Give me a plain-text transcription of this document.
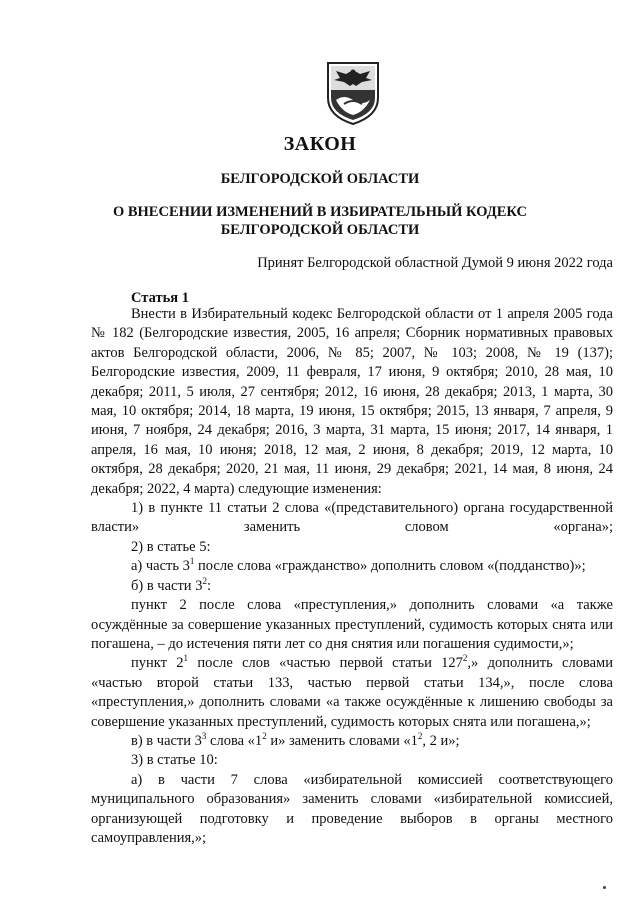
ЗАКОН
БЕЛГОРОДСКОЙ ОБЛАСТИ
О ВНЕСЕНИИ ИЗМЕНЕНИЙ В ИЗБИРАТЕЛЬНЫЙ КОДЕКС
БЕЛГОРОДСКОЙ ОБЛАСТИ
Принят Белгородской областной Думой 9 июня 2022 года
Статья 1

Внести в Избирательный кодекс Белгородской области от 1 апреля 2005 года № 182 (Белгородские известия, 2005, 16 апреля; Сборник нормативных правовых актов Белгородской области, 2006, № 85; 2007, № 103; 2008, № 19 (137); Белгородские известия, 2009, 11 февраля, 17 июня, 9 октября; 2010, 28 мая, 10 декабря; 2011, 5 июля, 27 сентября; 2012, 16 июня, 28 декабря; 2013, 1 марта, 30 мая, 10 октября; 2014, 18 марта, 19 июня, 15 октября; 2015, 13 января, 7 апреля, 9 июня, 7 ноября, 24 декабря; 2016, 3 марта, 31 марта, 15 июня; 2017, 14 января, 1 апреля, 16 мая, 10 июня; 2018, 12 мая, 2 июня, 8 декабря; 2019, 12 марта, 10 октября, 28 декабря; 2020, 21 мая, 11 июня, 29 декабря; 2021, 14 мая, 8 июня, 24 декабря; 2022, 4 марта) следующие изменения:

1) в пункте 11 статьи 2 слова «(представительного) органа государственной власти» заменить словом «органа»;

2) в статье 5:

а) часть $3^1$ после слова «гражданство» дополнить словом «(подданство)»;

б) в части $3^2$:

пункт 2 после слова «преступления,» дополнить словами «а также осуждённые за совершение указанных преступлений, судимость которых снята или погашена, – до истечения пяти лет со дня снятия или погашения судимости,»;

пункт $2^1$ после слов «частью первой статьи $127^2$,» дополнить словами «частью второй статьи 133, частью первой статьи 134,», после слова «преступления,» дополнить словами «а также осуждённые к лишению свободы за совершение указанных преступлений, судимость которых снята или погашена,»;

в) в части $3^3$ слова «$1^2$ и» заменить словами «$1^2$, 2 и»;

3) в статье 10:

а) в части 7 слова «избирательной комиссией соответствующего муниципального образования» заменить словами «избирательной комиссией, организующей подготовку и проведение выборов в органы местного самоуправления,»;
